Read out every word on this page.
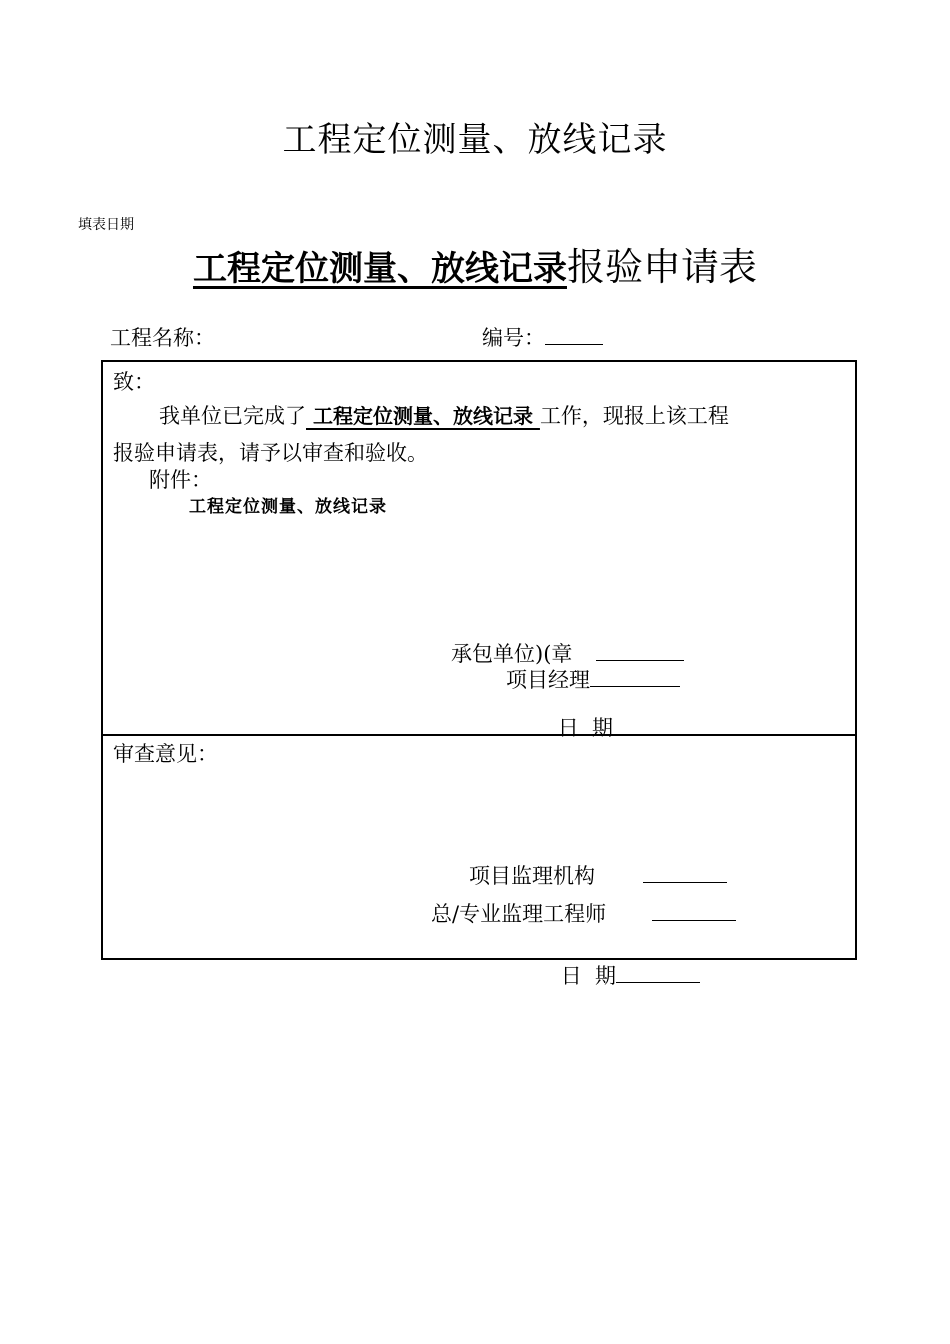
工程定位测量、放线记录
填表日期
工程定位测量、放线记录报验申请表
工程名称：	编号：
致：
我单位已完成了 工程定位测量、放线记录 工作，现报上该工程
报验申请表，请予以审查和验收。
附件：
工程定位测量、放线记录
承包单位)(章
项目经理

日  期

审查意见：
项目监理机构
总/专业监理工程师

日  期
